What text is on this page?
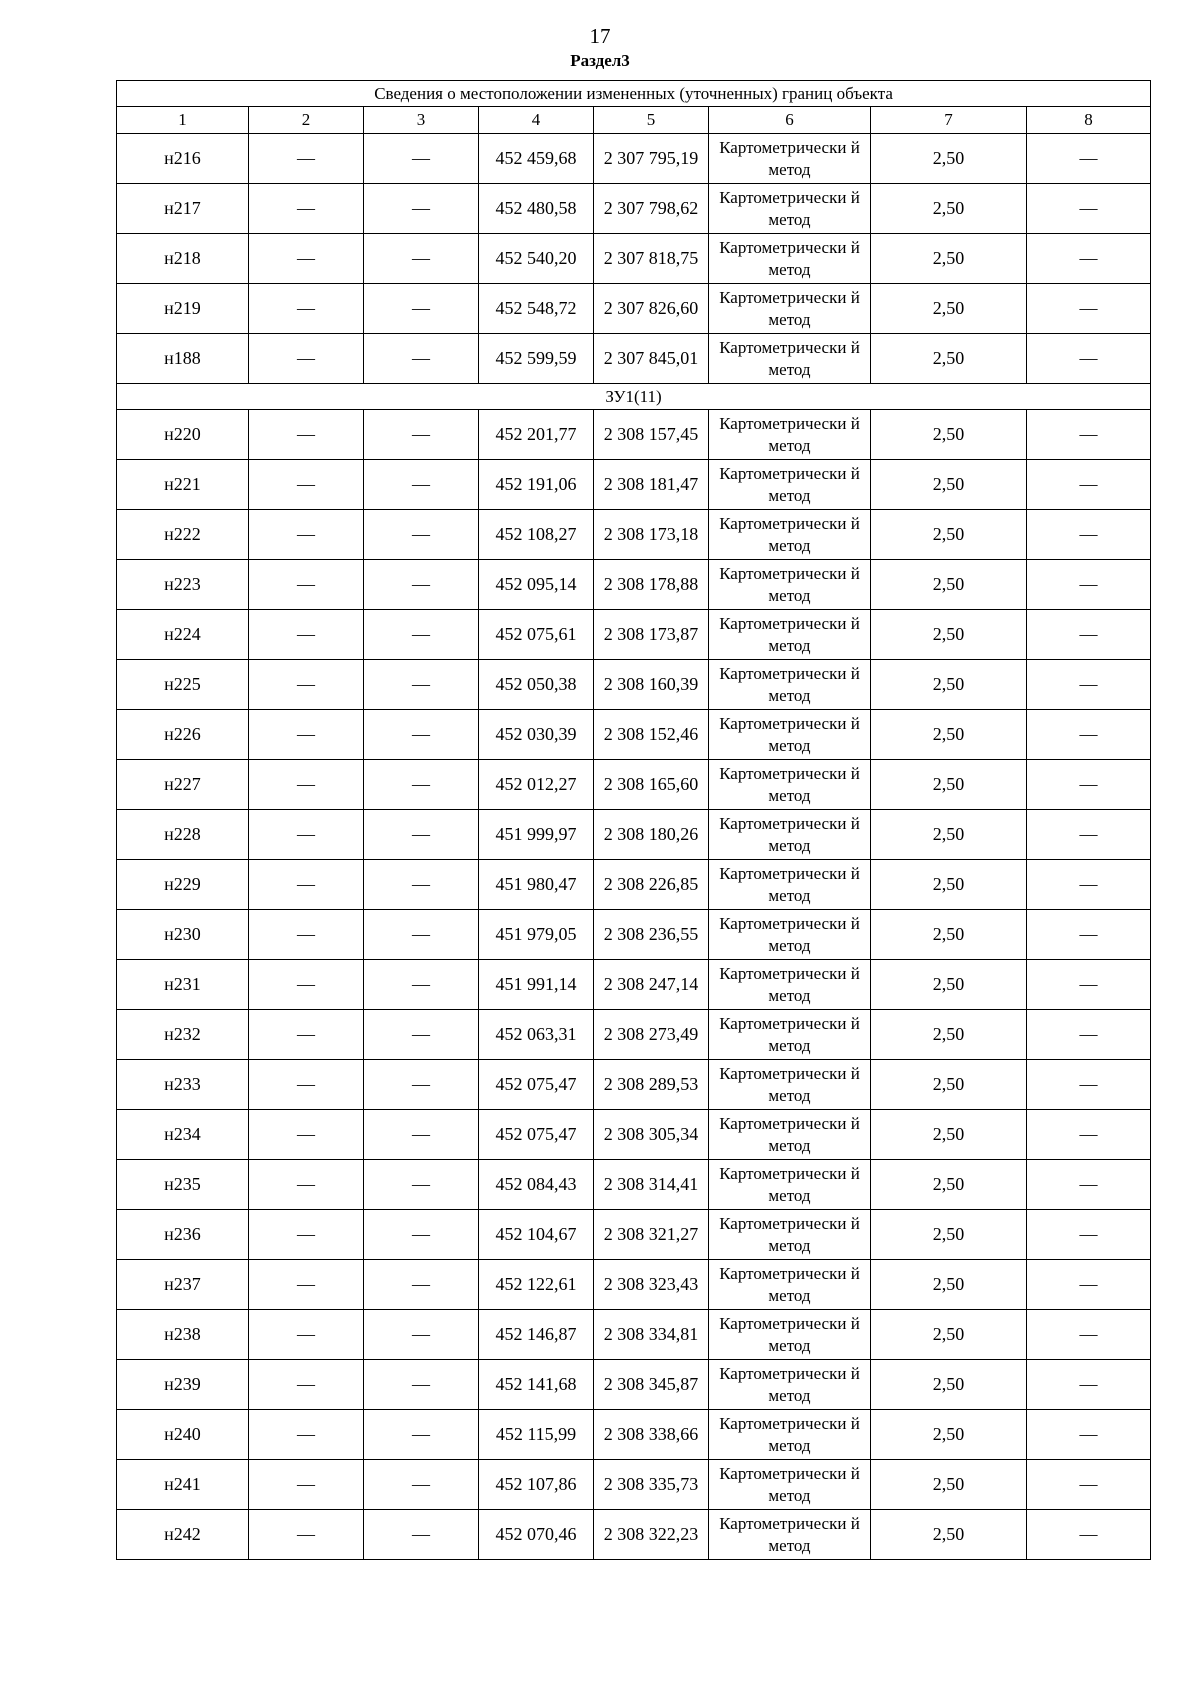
17
Раздел3
Сведения о местоположении измененных (уточненных) границ объекта							
1	2	3	4	5	6	7	8
н216	—	—	452 459,68	2 307 795,19	Картометрически й метод	2,50	—
н217	—	—	452 480,58	2 307 798,62	Картометрически й метод	2,50	—
н218	—	—	452 540,20	2 307 818,75	Картометрически й метод	2,50	—
н219	—	—	452 548,72	2 307 826,60	Картометрически й метод	2,50	—
н188	—	—	452 599,59	2 307 845,01	Картометрически й метод	2,50	—
ЗУ1(11)							
н220	—	—	452 201,77	2 308 157,45	Картометрически й метод	2,50	—
н221	—	—	452 191,06	2 308 181,47	Картометрически й метод	2,50	—
н222	—	—	452 108,27	2 308 173,18	Картометрически й метод	2,50	—
н223	—	—	452 095,14	2 308 178,88	Картометрически й метод	2,50	—
н224	—	—	452 075,61	2 308 173,87	Картометрически й метод	2,50	—
н225	—	—	452 050,38	2 308 160,39	Картометрически й метод	2,50	—
н226	—	—	452 030,39	2 308 152,46	Картометрически й метод	2,50	—
н227	—	—	452 012,27	2 308 165,60	Картометрически й метод	2,50	—
н228	—	—	451 999,97	2 308 180,26	Картометрически й метод	2,50	—
н229	—	—	451 980,47	2 308 226,85	Картометрически й метод	2,50	—
н230	—	—	451 979,05	2 308 236,55	Картометрически й метод	2,50	—
н231	—	—	451 991,14	2 308 247,14	Картометрически й метод	2,50	—
н232	—	—	452 063,31	2 308 273,49	Картометрически й метод	2,50	—
н233	—	—	452 075,47	2 308 289,53	Картометрически й метод	2,50	—
н234	—	—	452 075,47	2 308 305,34	Картометрически й метод	2,50	—
н235	—	—	452 084,43	2 308 314,41	Картометрически й метод	2,50	—
н236	—	—	452 104,67	2 308 321,27	Картометрически й метод	2,50	—
н237	—	—	452 122,61	2 308 323,43	Картометрически й метод	2,50	—
н238	—	—	452 146,87	2 308 334,81	Картометрически й метод	2,50	—
н239	—	—	452 141,68	2 308 345,87	Картометрически й метод	2,50	—
н240	—	—	452 115,99	2 308 338,66	Картометрически й метод	2,50	—
н241	—	—	452 107,86	2 308 335,73	Картометрически й метод	2,50	—
н242	—	—	452 070,46	2 308 322,23	Картометрически й метод	2,50	—
